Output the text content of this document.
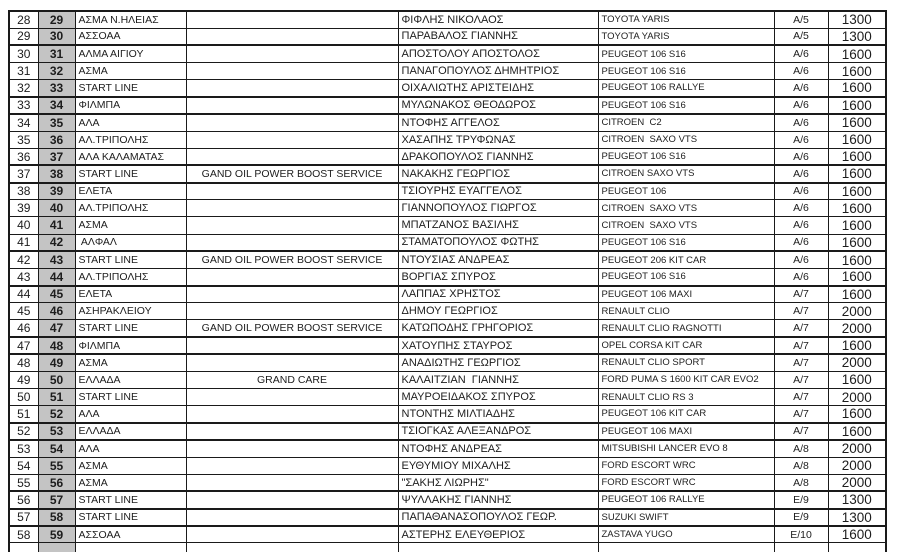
28	29	ΑΣΜΑ Ν.ΗΛΕΙΑΣ		ΦΙΦΛΗΣ ΝΙΚΟΛΑΟΣ	TOYOTA YARIS	A/5	1300
29	30	ΑΣΣΟΑΑ		ΠΑΡΑΒΑΛΟΣ ΓΙΑΝΝΗΣ	TOYOTA YARIS	A/5	1300
30	31	ΑΛΜΑ ΑΙΓΙΟΥ		ΑΠΟΣΤΟΛΟΥ ΑΠΟΣΤΟΛΟΣ	PEUGEOT 106 S16	A/6	1600
31	32	ΑΣΜΑ		ΠΑΝΑΓΟΠΟΥΛΟΣ ΔΗΜΗΤΡΙΟΣ	PEUGEOT 106 S16	A/6	1600
32	33	START LINE		ΟΙΧΑΛΙΩΤΗΣ ΑΡΙΣΤΕΙΔΗΣ	PEUGEOT 106 RALLYE	A/6	1600
33	34	ΦΙΛΜΠΑ		ΜΥΛΩΝΑΚΟΣ ΘΕΟΔΩΡΟΣ	PEUGEOT 106 S16	A/6	1600
34	35	ΑΛΑ		ΝΤΟΦΗΣ ΑΓΓΕΛΟΣ	CITROEN  C2	A/6	1600
35	36	ΑΛ.ΤΡΙΠΟΛΗΣ		ΧΑΣΑΠΗΣ ΤΡΥΦΩΝΑΣ	CITROEN  SAXO VTS	A/6	1600
36	37	ΑΛΑ ΚΑΛΑΜΑΤΑΣ		ΔΡΑΚΟΠΟΥΛΟΣ ΓΙΑΝΝΗΣ	PEUGEOT 106 S16	A/6	1600
37	38	START LINE	GAND OIL POWER BOOST SERVICE	ΝΑΚΑΚΗΣ ΓΕΩΡΓΙΟΣ	CITROEN SAXO VTS	A/6	1600
38	39	ΕΛΕΤΑ		ΤΣΙΟΥΡΗΣ ΕΥΑΓΓΕΛΟΣ	PEUGEOT 106	A/6	1600
39	40	ΑΛ.ΤΡΙΠΟΛΗΣ		ΓΙΑΝΝΟΠΟΥΛΟΣ ΓΙΩΡΓΟΣ	CITROEN  SAXO VTS	A/6	1600
40	41	ΑΣΜΑ		ΜΠΑΤΖΑΝΟΣ ΒΑΣΙΛΗΣ	CITROEN  SAXO VTS	A/6	1600
41	42	ΑΛΦΑΛ		ΣΤΑΜΑΤΟΠΟΥΛΟΣ ΦΩΤΗΣ	PEUGEOT 106 S16	A/6	1600
42	43	START LINE	GAND OIL POWER BOOST SERVICE	ΝΤΟΥΣΙΑΣ ΑΝΔΡΕΑΣ	PEUGEOT 206 KIT CAR	A/6	1600
43	44	ΑΛ.ΤΡΙΠΟΛΗΣ		ΒΟΡΓΙΑΣ ΣΠΥΡΟΣ	PEUGEOT 106 S16	A/6	1600
44	45	ΕΛΕΤΑ		ΛΑΠΠΑΣ ΧΡΗΣΤΟΣ	PEUGEOT 106 MAXI	A/7	1600
45	46	ΑΣΗΡΑΚΛΕΙΟΥ		ΔΗΜΟΥ ΓΕΩΡΓΙΟΣ	RENAULT CLIO	A/7	2000
46	47	START LINE	GAND OIL POWER BOOST SERVICE	ΚΑΤΩΠΟΔΗΣ ΓΡΗΓΟΡΙΟΣ	RENAULT CLIO RAGNOTTI	A/7	2000
47	48	ΦΙΛΜΠΑ		ΧΑΤΟΥΠΗΣ ΣΤΑΥΡΟΣ	OPEL CORSA KIT CAR	A/7	1600
48	49	ΑΣΜΑ		ΑΝΑΔΙΩΤΗΣ ΓΕΩΡΓΙΟΣ	RENAULT CLIO SPORT	A/7	2000
49	50	ΕΛΛΑΔΑ	GRAND CARE	ΚΑΛΑΙΤΖΙΑΝ  ΓΙΑΝΝΗΣ	FORD PUMA S 1600 KIT CAR EVO2	A/7	1600
50	51	START LINE		ΜΑΥΡΟΕΙΔΑΚΟΣ ΣΠΥΡΟΣ	RENAULT CLIO RS 3	A/7	2000
51	52	ΑΛΑ		ΝΤΟΝΤΗΣ ΜΙΛΤΙΑΔΗΣ	PEUGEOT 106 KIT CAR	A/7	1600
52	53	ΕΛΛΑΔΑ		ΤΣΙΟΓΚΑΣ ΑΛΕΞΑΝΔΡΟΣ	PEUGEOT 106 MAXI	A/7	1600
53	54	ΑΛΑ		ΝΤΟΦΗΣ ΑΝΔΡΕΑΣ	MITSUBISHI LANCER EVO 8	A/8	2000
54	55	ΑΣΜΑ		ΕΥΘΥΜΙΟΥ ΜΙΧΑΛΗΣ	FORD ESCORT WRC	A/8	2000
55	56	ΑΣΜΑ		"ΣΑΚΗΣ ΛΙΩΡΗΣ"	FORD ESCORT WRC	A/8	2000
56	57	START LINE		ΨΥΛΛΑΚΗΣ ΓΙΑΝΝΗΣ	PEUGEOT 106 RALLYE	E/9	1300
57	58	START LINE		ΠΑΠΑΘΑΝΑΣΟΠΟΥΛΟΣ ΓΕΩΡ.	SUZUKI SWIFT	E/9	1300
58	59	ΑΣΣΟΑΑ		ΑΣΤΕΡΗΣ ΕΛΕΥΘΕΡΙΟΣ	ZASTAVA YUGO	E/10	1600
